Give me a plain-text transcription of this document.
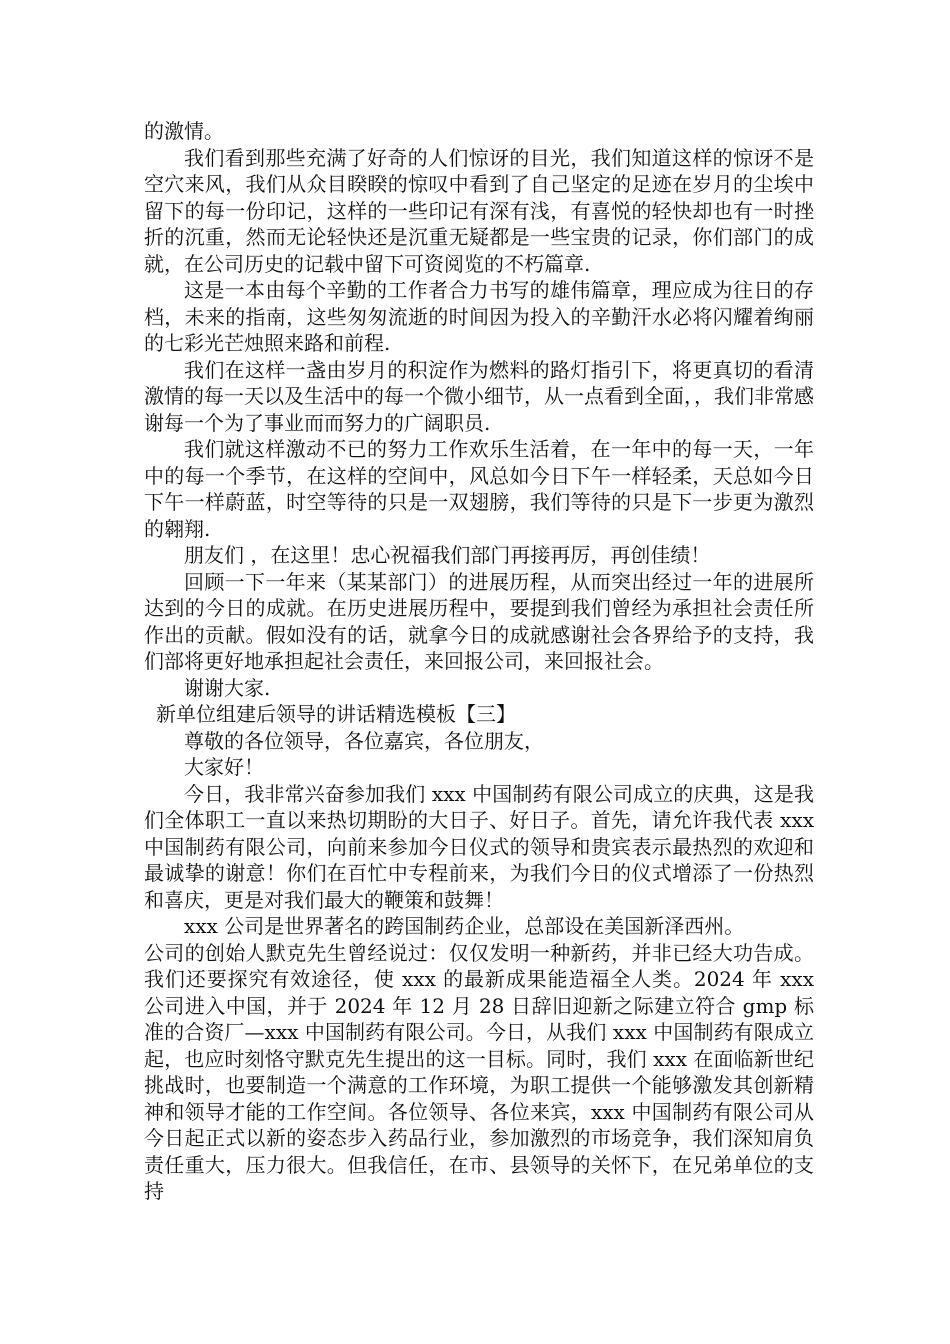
的激情。

我们看到那些充满了好奇的人们惊讶的目光，我们知道这样的惊讶不是空穴来风，我们从众目睽睽的惊叹中看到了自己坚定的足迹在岁月的尘埃中留下的每一份印记，这样的一些印记有深有浅，有喜悦的轻快却也有一时挫折的沉重，然而无论轻快还是沉重无疑都是一些宝贵的记录，你们部门的成就，在公司历史的记载中留下可资阅览的不朽篇章.

这是一本由每个辛勤的工作者合力书写的雄伟篇章，理应成为往日的存档，未来的指南，这些匆匆流逝的时间因为投入的辛勤汗水必将闪耀着绚丽的七彩光芒烛照来路和前程.

我们在这样一盏由岁月的积淀作为燃料的路灯指引下，将更真切的看清激情的每一天以及生活中的每一个微小细节，从一点看到全面，，我们非常感谢每一个为了事业而而努力的广阔职员.

我们就这样激动不已的努力工作欢乐生活着，在一年中的每一天，一年中的每一个季节，在这样的空间中，风总如今日下午一样轻柔，天总如今日下午一样蔚蓝，时空等待的只是一双翅膀，我们等待的只是下一步更为激烈的翱翔.

朋友们 ，在这里！忠心祝福我们部门再接再厉，再创佳绩！

回顾一下一年来（某某部门）的进展历程，从而突出经过一年的进展所达到的今日的成就。在历史进展历程中，要提到我们曾经为承担社会责任所作出的贡献。假如没有的话，就拿今日的成就感谢社会各界给予的支持，我们部将更好地承担起社会责任，来回报公司，来回报社会。

谢谢大家.

新单位组建后领导的讲话精选模板【三】

尊敬的各位领导，各位嘉宾，各位朋友，

大家好！

今日，我非常兴奋参加我们 xxx 中国制药有限公司成立的庆典，这是我们全体职工一直以来热切期盼的大日子、好日子。首先，请允许我代表 xxx 中国制药有限公司，向前来参加今日仪式的领导和贵宾表示最热烈的欢迎和最诚挚的谢意！你们在百忙中专程前来，为我们今日的仪式增添了一份热烈和喜庆，更是对我们最大的鞭策和鼓舞！

xxx 公司是世界著名的跨国制药企业，总部设在美国新泽西州。

公司的创始人默克先生曾经说过：仅仅发明一种新药，并非已经大功告成。我们还要探究有效途径，使 xxx 的最新成果能造福全人类。2024 年 xxx 公司进入中国，并于 2024 年 12 月 28 日辞旧迎新之际建立符合 gmp 标准的合资厂—xxx 中国制药有限公司。今日，从我们 xxx 中国制药有限成立起，也应时刻恪守默克先生提出的这一目标。同时，我们 xxx 在面临新世纪挑战时，也要制造一个满意的工作环境，为职工提供一个能够激发其创新精神和领导才能的工作空间。各位领导、各位来宾，xxx 中国制药有限公司从今日起正式以新的姿态步入药品行业，参加激烈的市场竞争，我们深知肩负责任重大，压力很大。但我信任，在市、县领导的关怀下，在兄弟单位的支持
